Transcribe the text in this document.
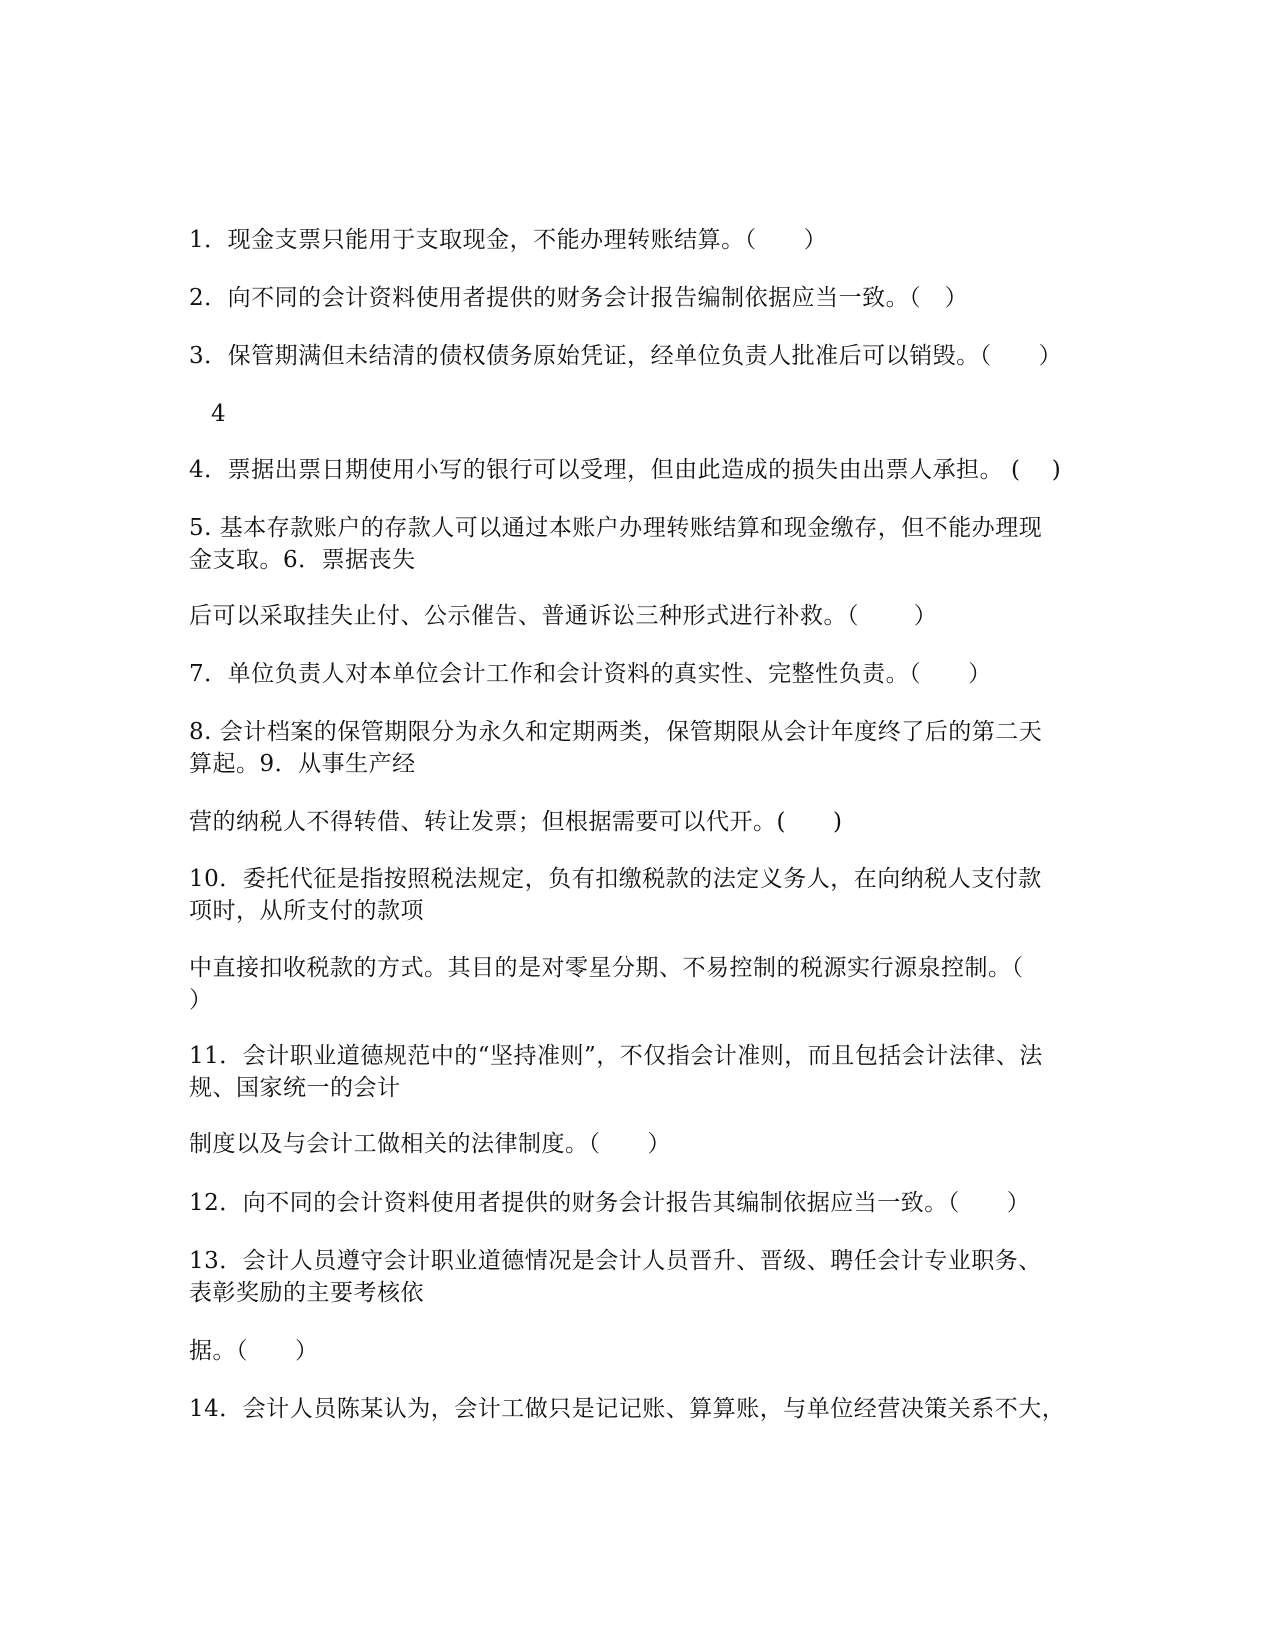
1．现金支票只能用于支取现金，不能办理转账结算。（　　）
2．向不同的会计资料使用者提供的财务会计报告编制依据应当一致。（　）
3．保管期满但未结清的债权债务原始凭证，经单位负责人批准后可以销毁。（　　）
4
4．票据出票日期使用小写的银行可以受理，但由此造成的损失由出票人承担。 (　 )
5. 基本存款账户的存款人可以通过本账户办理转账结算和现金缴存，但不能办理现
金支取。6．票据丧失
后可以采取挂失止付、公示催告、普通诉讼三种形式进行补救。（　　 ）
7．单位负责人对本单位会计工作和会计资料的真实性、完整性负责。（　　）
8. 会计档案的保管期限分为永久和定期两类，保管期限从会计年度终了后的第二天
算起。9．从事生产经
营的纳税人不得转借、转让发票；但根据需要可以代开。(　　)
10．委托代征是指按照税法规定，负有扣缴税款的法定义务人，在向纳税人支付款
项时，从所支付的款项
中直接扣收税款的方式。其目的是对零星分期、不易控制的税源实行源泉控制。（
）
11．会计职业道德规范中的“坚持准则”，不仅指会计准则，而且包括会计法律、法
规、国家统一的会计
制度以及与会计工做相关的法律制度。（　　）
12．向不同的会计资料使用者提供的财务会计报告其编制依据应当一致。（　　）
13．会计人员遵守会计职业道德情况是会计人员晋升、晋级、聘任会计专业职务、
表彰奖励的主要考核依
据。（　　）
14．会计人员陈某认为，会计工做只是记记账、算算账，与单位经营决策关系不大，
